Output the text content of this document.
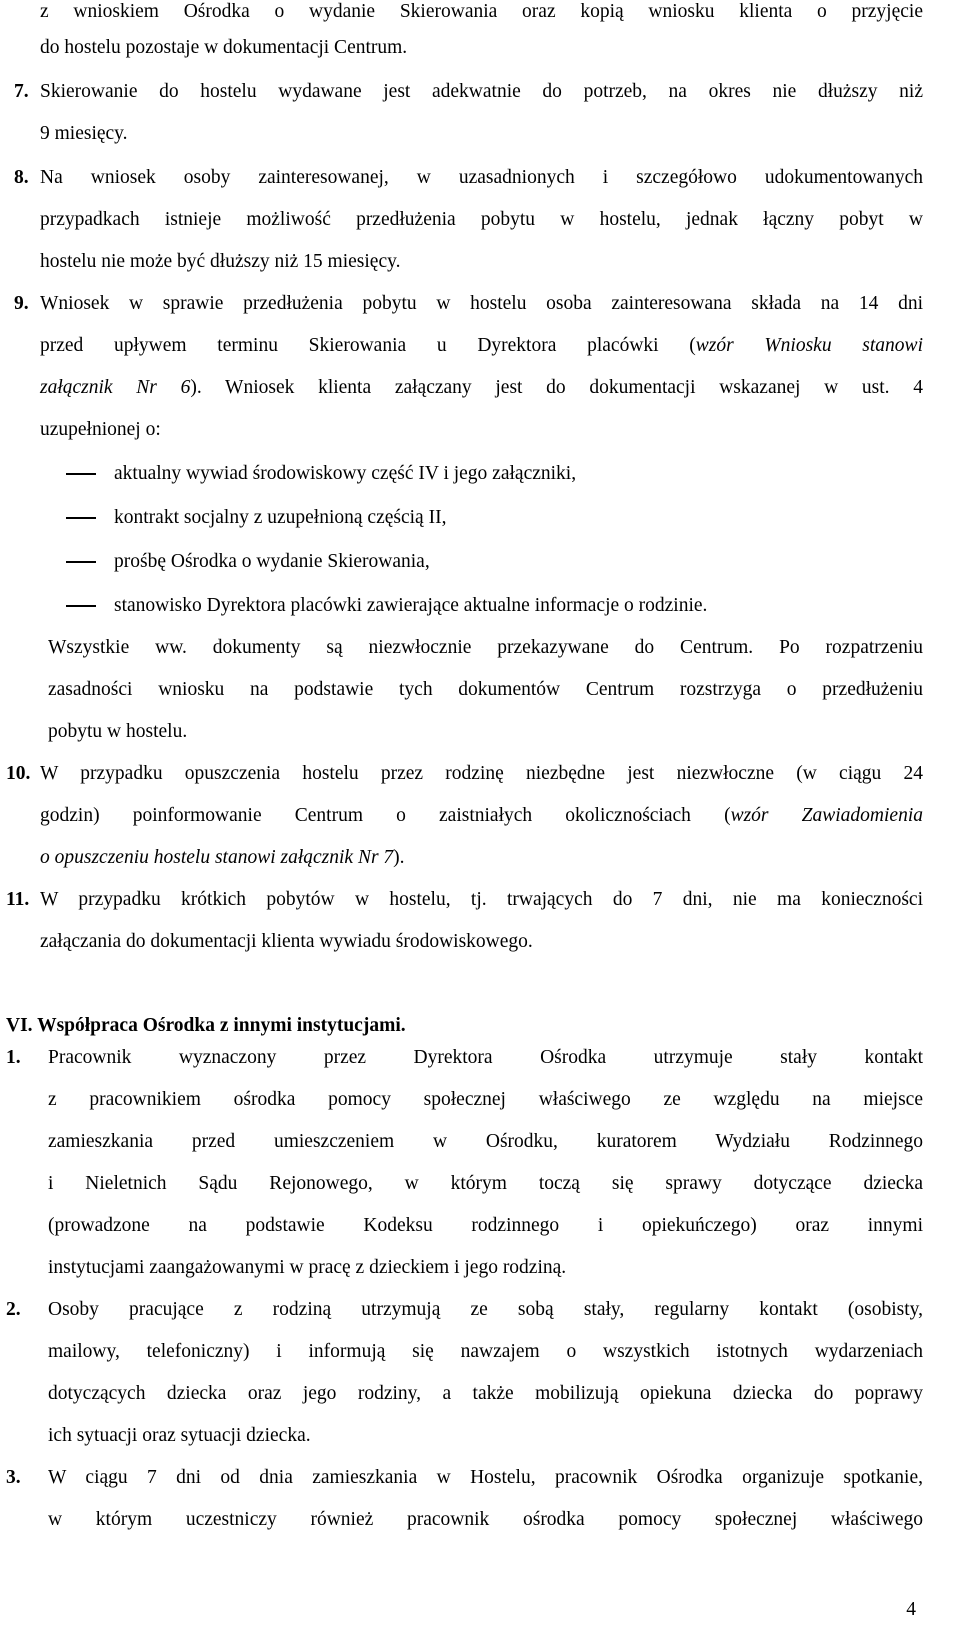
z wnioskiem Ośrodka o wydanie Skierowania oraz kopią wniosku klienta o przyjęcie
do hostelu pozostaje w dokumentacji Centrum.
7. Skierowanie do hostelu wydawane jest adekwatnie do potrzeb, na okres nie dłuższy niż
9 miesięcy.
8. Na wniosek osoby zainteresowanej, w uzasadnionych i szczegółowo udokumentowanych
przypadkach istnieje możliwość przedłużenia pobytu w hostelu, jednak łączny pobyt w
hostelu nie może być dłuższy niż 15 miesięcy.
9. Wniosek w sprawie przedłużenia pobytu w hostelu osoba zainteresowana składa na 14 dni
przed upływem terminu Skierowania u Dyrektora placówki (wzór Wniosku stanowi
załącznik Nr 6). Wniosek klienta załączany jest do dokumentacji wskazanej w ust. 4
uzupełnionej o:
aktualny wywiad środowiskowy część IV i jego załączniki,
kontrakt socjalny z uzupełnioną częścią II,
prośbę Ośrodka o wydanie Skierowania,
stanowisko Dyrektora placówki zawierające aktualne informacje o rodzinie.
Wszystkie ww. dokumenty są niezwłocznie przekazywane do Centrum. Po rozpatrzeniu
zasadności wniosku na podstawie tych dokumentów Centrum rozstrzyga o przedłużeniu
pobytu w hostelu.
10. W przypadku opuszczenia hostelu przez rodzinę niezbędne jest niezwłoczne (w ciągu 24
godzin) poinformowanie Centrum o zaistniałych okolicznościach (wzór Zawiadomienia
o opuszczeniu hostelu stanowi załącznik Nr 7).
11. W przypadku krótkich pobytów w hostelu, tj. trwających do 7 dni, nie ma konieczności
załączania do dokumentacji klienta wywiadu środowiskowego.
VI. Współpraca Ośrodka z innymi instytucjami.
1. Pracownik wyznaczony przez Dyrektora Ośrodka utrzymuje stały kontakt
z pracownikiem ośrodka pomocy społecznej właściwego ze względu na miejsce
zamieszkania przed umieszczeniem w Ośrodku, kuratorem Wydziału Rodzinnego
i Nieletnich Sądu Rejonowego, w którym toczą się sprawy dotyczące dziecka
(prowadzone na podstawie Kodeksu rodzinnego i opiekuńczego) oraz innymi
instytucjami zaangażowanymi w pracę z dzieckiem i jego rodziną.
2. Osoby pracujące z rodziną utrzymują ze sobą stały, regularny kontakt (osobisty,
mailowy, telefoniczny) i informują się nawzajem o wszystkich istotnych wydarzeniach
dotyczących dziecka oraz jego rodziny, a także mobilizują opiekuna dziecka do poprawy
ich sytuacji oraz sytuacji dziecka.
3. W ciągu 7 dni od dnia zamieszkania w Hostelu, pracownik Ośrodka organizuje spotkanie,
w którym uczestniczy również pracownik ośrodka pomocy społecznej właściwego
4
